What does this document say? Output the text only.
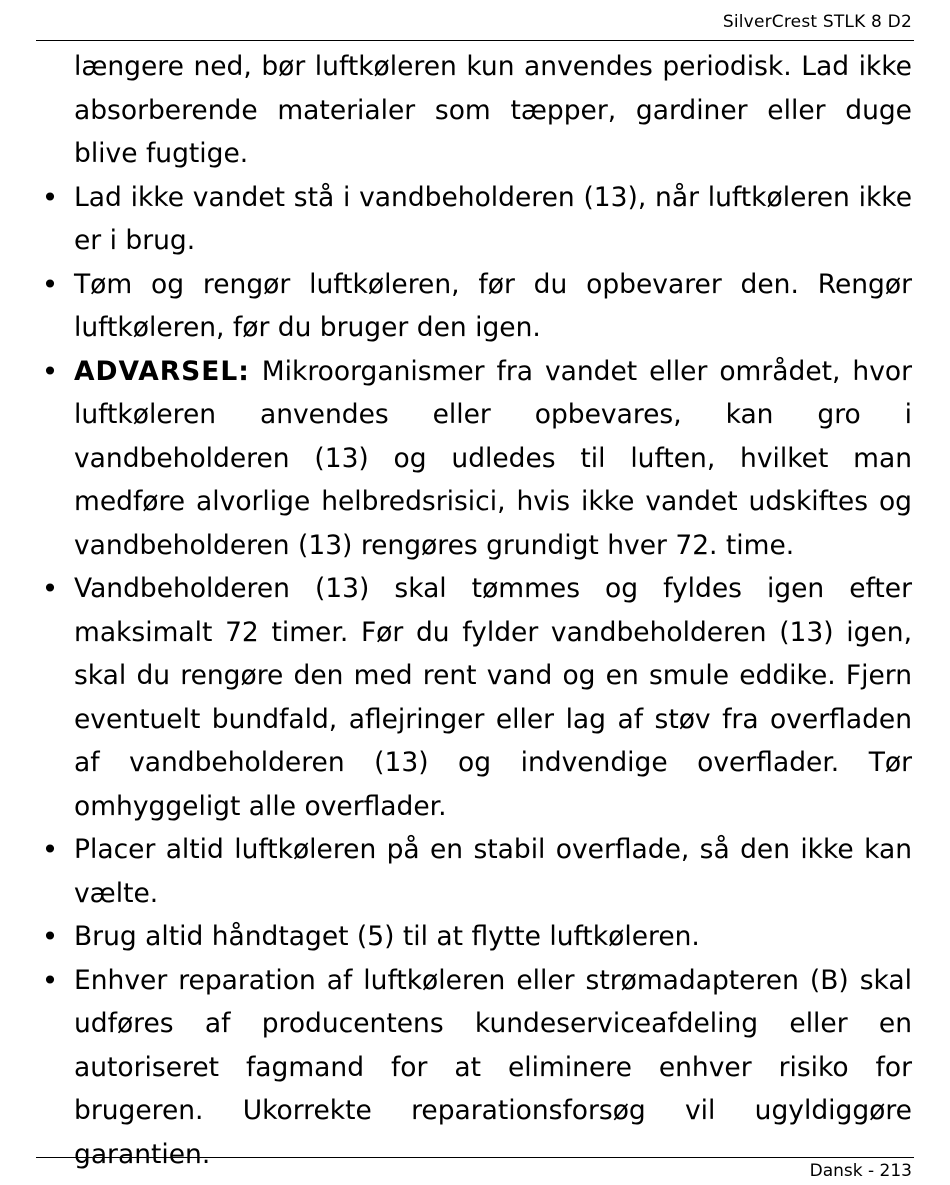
SilverCrest STLK 8 D2

længere ned, bør luftkøleren kun anvendes periodisk. Lad ikke absorberende materialer som tæpper, gardiner eller duge blive fugtige.

• Lad ikke vandet stå i vandbeholderen (13), når luftkøleren ikke er i brug.
• Tøm og rengør luftkøleren, før du opbevarer den. Rengør luftkøleren, før du bruger den igen.
• ADVARSEL: Mikroorganismer fra vandet eller området, hvor luftkøleren anvendes eller opbevares, kan gro i vandbeholderen (13) og udledes til luften, hvilket man medføre alvorlige helbredsrisici, hvis ikke vandet udskiftes og vandbeholderen (13) rengøres grundigt hver 72. time.
• Vandbeholderen (13) skal tømmes og fyldes igen efter maksimalt 72 timer. Før du fylder vandbeholderen (13) igen, skal du rengøre den med rent vand og en smule eddike. Fjern eventuelt bundfald, aflejringer eller lag af støv fra overfladen af vandbeholderen (13) og indvendige overflader. Tør omhyggeligt alle overflader.
• Placer altid luftkøleren på en stabil overflade, så den ikke kan vælte.
• Brug altid håndtaget (5) til at flytte luftkøleren.
• Enhver reparation af luftkøleren eller strømadapteren (B) skal udføres af producentens kundeserviceafdeling eller en autoriseret fagmand for at eliminere enhver risiko for brugeren. Ukorrekte reparationsforsøg vil ugyldiggøre garantien.
Dansk - 213
